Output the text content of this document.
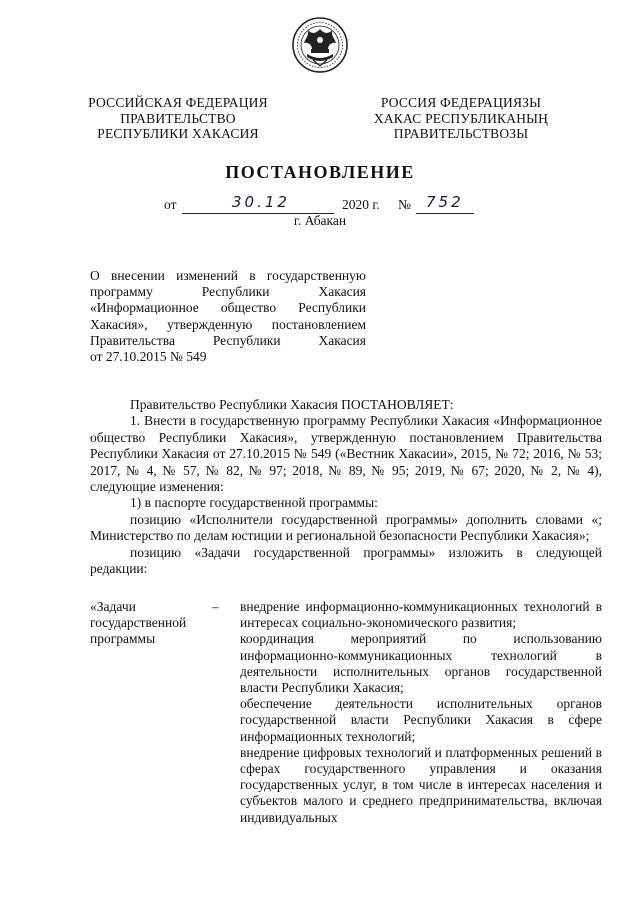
РОССИЙСКАЯ ФЕДЕРАЦИЯ
ПРАВИТЕЛЬСТВО
РЕСПУБЛИКИ ХАКАСИЯ
РОССИЯ ФЕДЕРАЦИЯЗЫ
ХАКАС РЕСПУБЛИКАНЫҢ
ПРАВИТЕЛЬСТВОЗЫ
ПОСТАНОВЛЕНИЕ
от	30.12	2020 г. № 752
г. Абакан
О внесении изменений в государственную
программу Республики Хакасия
«Информационное общество Республики
Хакасия», утвержденную постановлением
Правительства Республики Хакасия
от 27.10.2015 № 549

Правительство Республики Хакасия ПОСТАНОВЛЯЕТ:

1. Внести в государственную программу Республики Хакасия «Информационное общество Республики Хакасия», утвержденную постановлением Правительства Республики Хакасия от 27.10.2015 № 549 («Вестник Хакасии», 2015, № 72; 2016, № 53; 2017, № 4, № 57, № 82, № 97; 2018, № 89, № 95; 2019, № 67; 2020, № 2, № 4), следующие изменения:

1) в паспорте государственной программы:

позицию «Исполнители государственной программы» дополнить словами «; Министерство по делам юстиции и региональной безопасности Республики Хакасия»;

позицию «Задачи государственной программы» изложить в следующей редакции:

«Задачи государственной программы
– внедрение информационно-коммуникационных технологий в интересах социально-экономического развития;

координация мероприятий по использованию информационно-коммуникационных технологий в деятельности исполнительных органов государственной власти Республики Хакасия;

обеспечение деятельности исполнительных органов государственной власти Республики Хакасия в сфере информационных технологий;

внедрение цифровых технологий и платформенных решений в сферах государственного управления и оказания государственных услуг, в том числе в интересах населения и субъектов малого и среднего предпринимательства, включая индивидуальных
